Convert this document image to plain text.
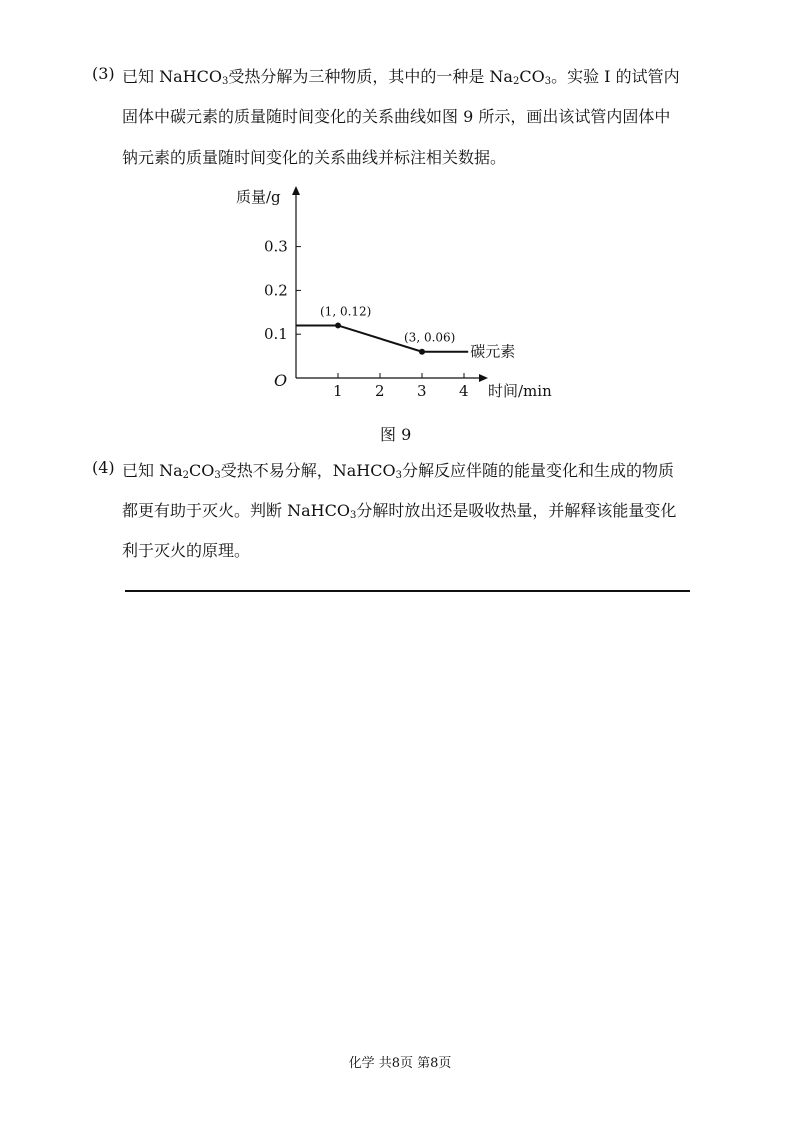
(3) 已知 NaHCO$_3$受热分解为三种物质，其中的一种是 $Na_2CO_3$。实验 I 的试管内
固体中碳元素的质量随时间变化的关系曲线如图 9 所示，画出该试管内固体中
钠元素的质量随时间变化的关系曲线并标注相关数据。
0.1
0.2
0.3
1 2 3 4
质量/g
时间/min
O
碳元素
(1, 0.12)
(3, 0.06)
图 9
(4) 已知 $Na_2CO_3$受热不易分解，NaHCO$_3$分解反应伴随的能量变化和生成的物质
都更有助于灭火。判断 NaHCO$_3$分解时放出还是吸收热量，并解释该能量变化
利于灭火的原理。
化学 共8页 第8页
